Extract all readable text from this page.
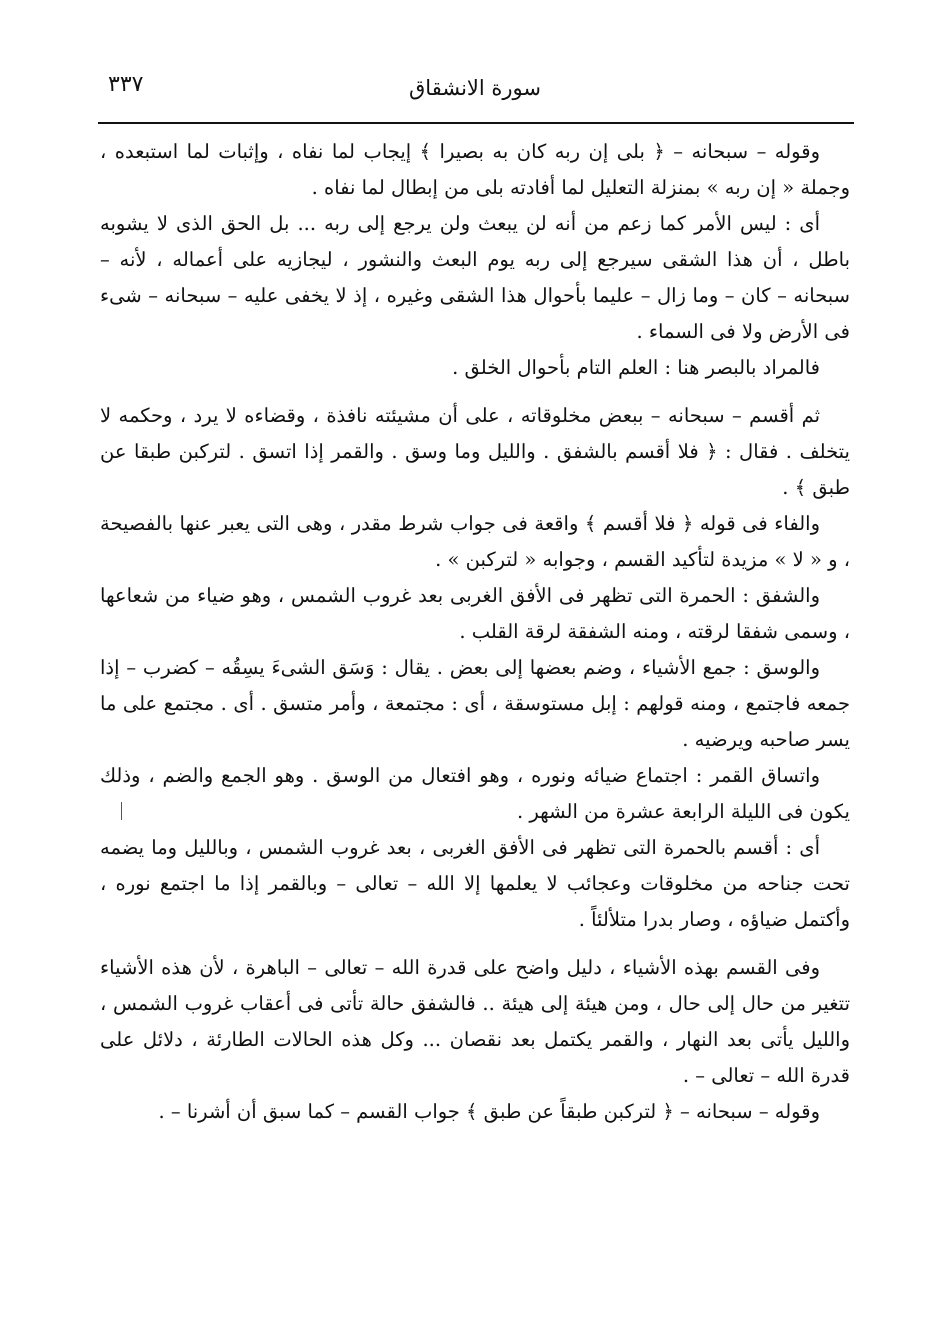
سورة الانشقاق
٣٣٧

وقوله – سبحانه – ﴿ بلى إن ربه كان به بصيرا ﴾ إيجاب لما نفاه ، وإثبات لما استبعده ، وجملة « إن ربه » بمنزلة التعليل لما أفادته بلى من إبطال لما نفاه .

أى : ليس الأمر كما زعم من أنه لن يبعث ولن يرجع إلى ربه ... بل الحق الذى لا يشوبه باطل ، أن هذا الشقى سيرجع إلى ربه يوم البعث والنشور ، ليجازيه على أعماله ، لأنه – سبحانه – كان – وما زال – عليما بأحوال هذا الشقى وغيره ، إذ لا يخفى عليه – سبحانه – شىء فى الأرض ولا فى السماء .

فالمراد بالبصر هنا : العلم التام بأحوال الخلق .

ثم أقسم – سبحانه – ببعض مخلوقاته ، على أن مشيئته نافذة ، وقضاءه لا يرد ، وحكمه لا يتخلف . فقال : ﴿ فلا أقسم بالشفق . والليل وما وسق . والقمر إذا اتسق . لتركبن طبقا عن طبق ﴾ .

والفاء فى قوله ﴿ فلا أقسم ﴾ واقعة فى جواب شرط مقدر ، وهى التى يعبر عنها بالفصيحة ، و « لا » مزيدة لتأكيد القسم ، وجوابه « لتركبن » .

والشفق : الحمرة التى تظهر فى الأفق الغربى بعد غروب الشمس ، وهو ضياء من شعاعها ، وسمى شفقا لرقته ، ومنه الشفقة لرقة القلب .

والوسق : جمع الأشياء ، وضم بعضها إلى بعض . يقال : وَسَق الشىءَ يسِقُه – كضرب – إذا جمعه فاجتمع ، ومنه قولهم : إبل مستوسقة ، أى : مجتمعة ، وأمر متسق . أى . مجتمع على ما يسر صاحبه ويرضيه .

واتساق القمر : اجتماع ضيائه ونوره ، وهو افتعال من الوسق . وهو الجمع والضم ، وذلك يكون فى الليلة الرابعة عشرة من الشهر .

أى : أقسم بالحمرة التى تظهر فى الأفق الغربى ، بعد غروب الشمس ، وبالليل وما يضمه تحت جناحه من مخلوقات وعجائب لا يعلمها إلا الله – تعالى – وبالقمر إذا ما اجتمع نوره ، وأكتمل ضياؤه ، وصار بدرا متلألئاً .

وفى القسم بهذه الأشياء ، دليل واضح على قدرة الله – تعالى – الباهرة ، لأن هذه الأشياء تتغير من حال إلى حال ، ومن هيئة إلى هيئة .. فالشفق حالة تأتى فى أعقاب غروب الشمس ، والليل يأتى بعد النهار ، والقمر يكتمل بعد نقصان ... وكل هذه الحالات الطارئة ، دلائل على قدرة الله – تعالى – .

وقوله – سبحانه – ﴿ لتركبن طبقاً عن طبق ﴾ جواب القسم – كما سبق أن أشرنا – .
